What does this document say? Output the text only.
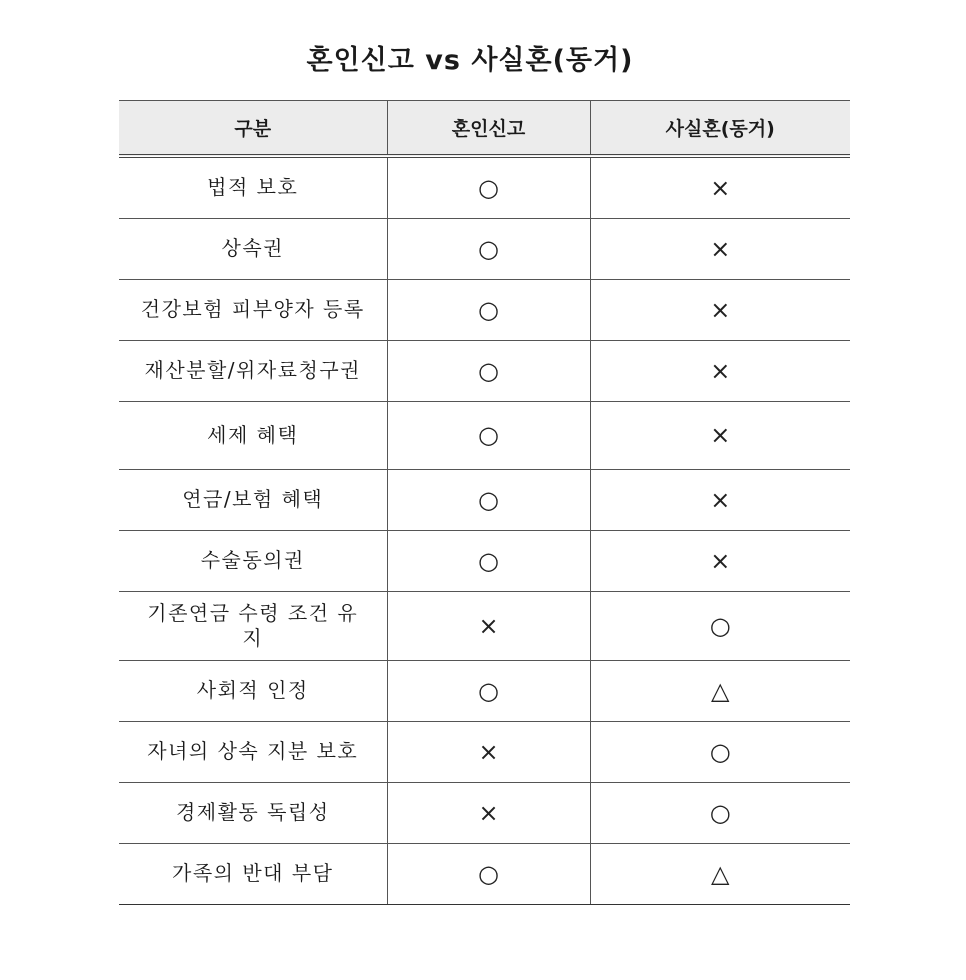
혼인신고 vs 사실혼(동거)
구분	혼인신고	사실혼(동거)
법적 보호	○	×
상속권	○	×
건강보험 피부양자 등록	○	×
재산분할/위자료청구권	○	×
세제 혜택	○	×
연금/보험 혜택	○	×
수술동의권	○	×
기존연금 수령 조건 유지	×	○
사회적 인정	○	△
자녀의 상속 지분 보호	×	○
경제활동 독립성	×	○
가족의 반대 부담	○	△
